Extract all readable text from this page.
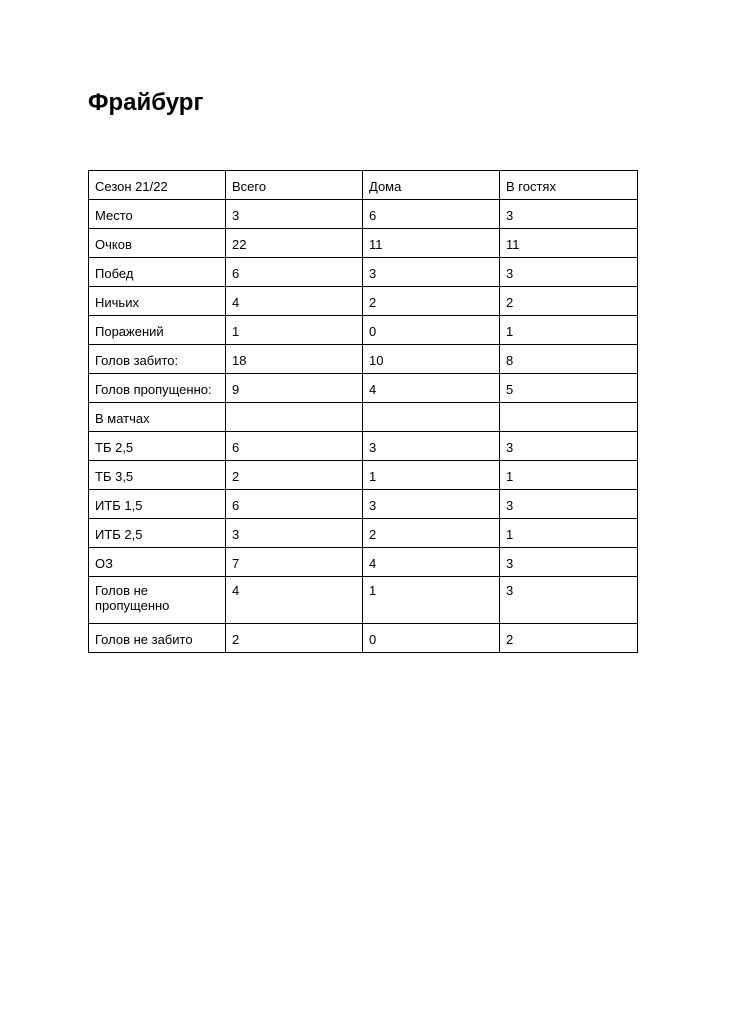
Фрайбург
Сезон 21/22	Всего	Дома	В гостях
Место	3	6	3
Очков	22	11	11
Побед	6	3	3
Ничьих	4	2	2
Поражений	1	0	1
Голов забито:	18	10	8
Голов пропущенно:	9	4	5
В матчах			
ТБ 2,5	6	3	3
ТБ 3,5	2	1	1
ИТБ 1,5	6	3	3
ИТБ 2,5	3	2	1
ОЗ	7	4	3
Голов не пропущенно	4	1	3
Голов не забито	2	0	2
